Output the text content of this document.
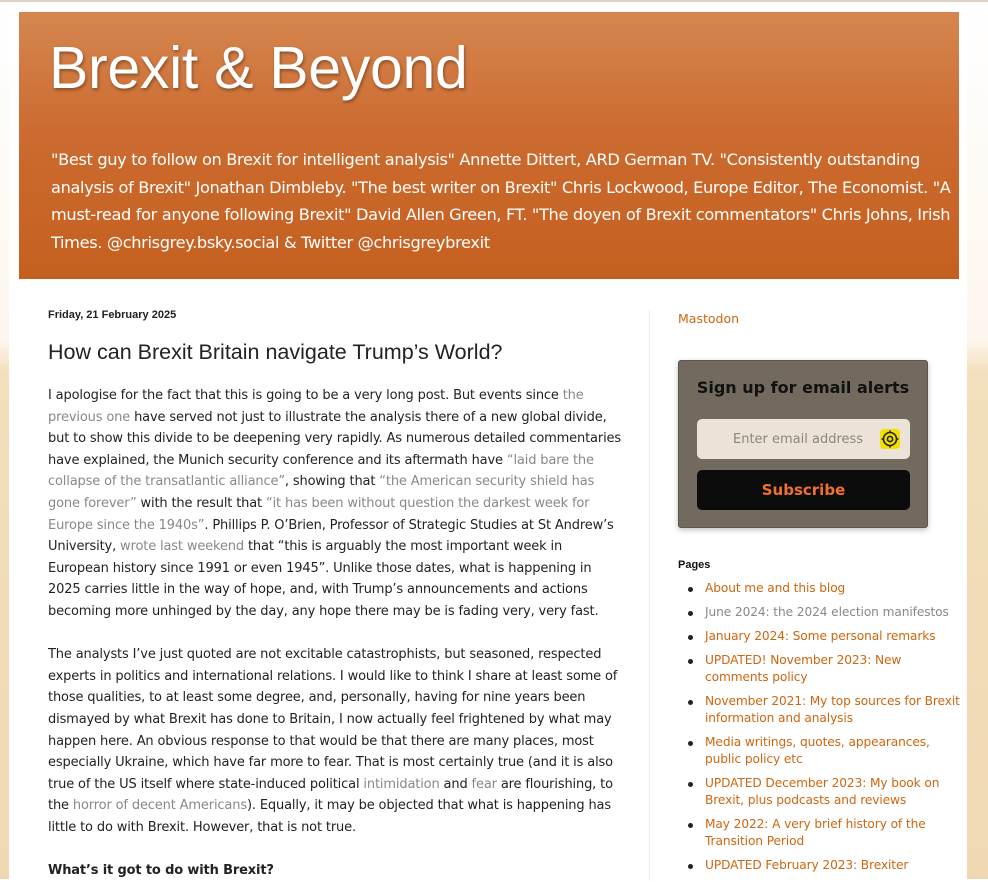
Brexit & Beyond

"Best guy to follow on Brexit for intelligent analysis" Annette Dittert, ARD German TV. "Consistently outstanding analysis of Brexit" Jonathan Dimbleby. "The best writer on Brexit" Chris Lockwood, Europe Editor, The Economist. "A must-read for anyone following Brexit" David Allen Green, FT. "The doyen of Brexit commentators" Chris Johns, Irish Times. @chrisgrey.bsky.social & Twitter @chrisgreybrexit

Friday, 21 February 2025
How can Brexit Britain navigate Trump’s World?

I apologise for the fact that this is going to be a very long post. But events since the previous one have served not just to illustrate the analysis there of a new global divide, but to show this divide to be deepening very rapidly. As numerous detailed commentaries have explained, the Munich security conference and its aftermath have “laid bare the collapse of the transatlantic alliance”, showing that “the American security shield has gone forever” with the result that “it has been without question the darkest week for Europe since the 1940s”. Phillips P. O’Brien, Professor of Strategic Studies at St Andrew’s University, wrote last weekend that “this is arguably the most important week in European history since 1991 or even 1945”. Unlike those dates, what is happening in 2025 carries little in the way of hope, and, with Trump’s announcements and actions becoming more unhinged by the day, any hope there may be is fading very, very fast.

The analysts I’ve just quoted are not excitable catastrophists, but seasoned, respected experts in politics and international relations. I would like to think I share at least some of those qualities, to at least some degree, and, personally, having for nine years been dismayed by what Brexit has done to Britain, I now actually feel frightened by what may happen here. An obvious response to that would be that there are many places, most especially Ukraine, which have far more to fear. That is most certainly true (and it is also true of the US itself where state-induced political intimidation and fear are flourishing, to the horror of decent Americans). Equally, it may be objected that what is happening has little to do with Brexit. However, that is not true.

What’s it got to do with Brexit?
Mastodon
Sign up for email alerts
Enter email address
Subscribe
Pages
About me and this blog
June 2024: the 2024 election manifestos
January 2024: Some personal remarks
UPDATED! November 2023: New comments policy
November 2021: My top sources for Brexit information and analysis
Media writings, quotes, appearances, public policy etc
UPDATED December 2023: My book on Brexit, plus podcasts and reviews
May 2022: A very brief history of the Transition Period
UPDATED February 2023: Brexiter
